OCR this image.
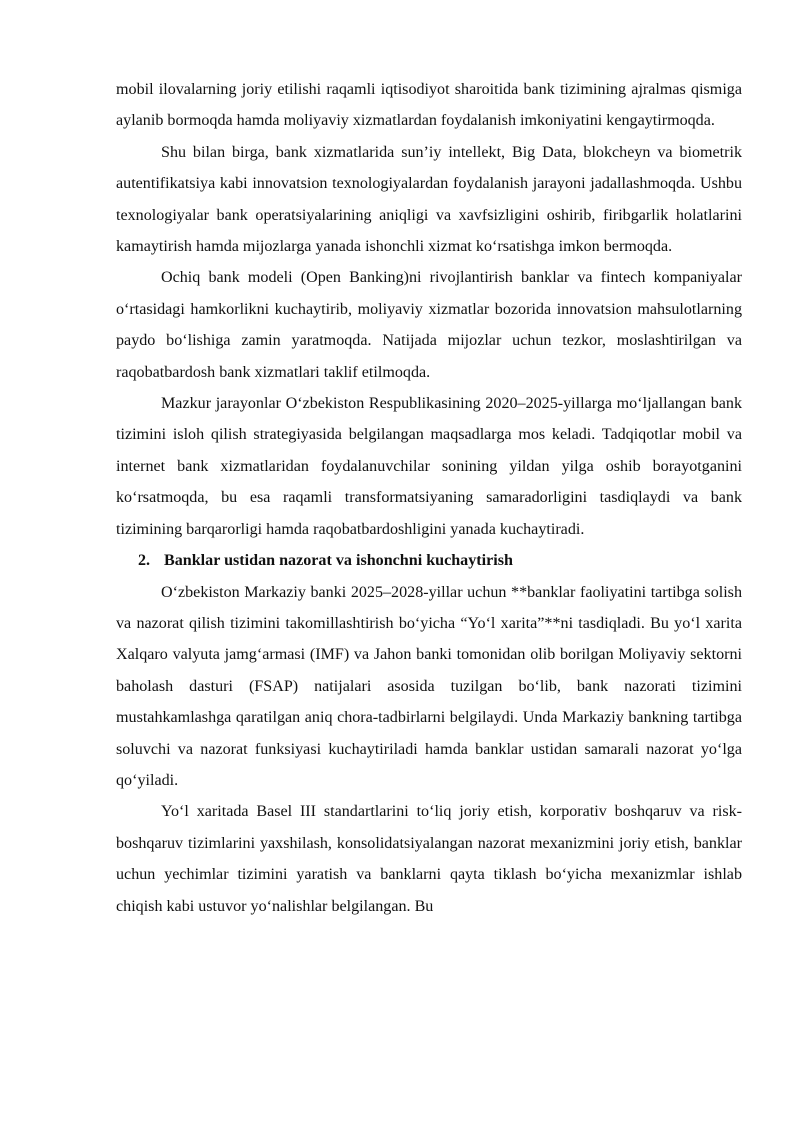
mobil ilovalarning joriy etilishi raqamli iqtisodiyot sharoitida bank tizimining ajralmas qismiga aylanib bormoqda hamda moliyaviy xizmatlardan foydalanish imkoniyatini kengaytirmoqda.

Shu bilan birga, bank xizmatlarida sun’iy intellekt, Big Data, blokcheyn va biometrik autentifikatsiya kabi innovatsion texnologiyalardan foydalanish jarayoni jadallashmoqda. Ushbu texnologiyalar bank operatsiyalarining aniqligi va xavfsizligini oshirib, firibgarlik holatlarini kamaytirish hamda mijozlarga yanada ishonchli xizmat ko‘rsatishga imkon bermoqda.

Ochiq bank modeli (Open Banking)ni rivojlantirish banklar va fintech kompaniyalar o‘rtasidagi hamkorlikni kuchaytirib, moliyaviy xizmatlar bozorida innovatsion mahsulotlarning paydo bo‘lishiga zamin yaratmoqda. Natijada mijozlar uchun tezkor, moslashtirilgan va raqobatbardosh bank xizmatlari taklif etilmoqda.

Mazkur jarayonlar O‘zbekiston Respublikasining 2020–2025-yillarga mo‘ljallangan bank tizimini isloh qilish strategiyasida belgilangan maqsadlarga mos keladi. Tadqiqotlar mobil va internet bank xizmatlaridan foydalanuvchilar sonining yildan yilga oshib borayotganini ko‘rsatmoqda, bu esa raqamli transformatsiyaning samaradorligini tasdiqlaydi va bank tizimining barqarorligi hamda raqobatbardoshligini yanada kuchaytiradi.

2. Banklar ustidan nazorat va ishonchni kuchaytirish

O‘zbekiston Markaziy banki 2025–2028-yillar uchun **banklar faoliyatini tartibga solish va nazorat qilish tizimini takomillashtirish bo‘yicha “Yo‘l xarita”**ni tasdiqladi. Bu yo‘l xarita Xalqaro valyuta jamg‘armasi (IMF) va Jahon banki tomonidan olib borilgan Moliyaviy sektorni baholash dasturi (FSAP) natijalari asosida tuzilgan bo‘lib, bank nazorati tizimini mustahkamlashga qaratilgan aniq chora-tadbirlarni belgilaydi. Unda Markaziy bankning tartibga soluvchi va nazorat funksiyasi kuchaytiriladi hamda banklar ustidan samarali nazorat yo‘lga qo‘yiladi.

Yo‘l xaritada Basel III standartlarini to‘liq joriy etish, korporativ boshqaruv va risk-boshqaruv tizimlarini yaxshilash, konsolidatsiyalangan nazorat mexanizmini joriy etish, banklar uchun yechimlar tizimini yaratish va banklarni qayta tiklash bo‘yicha mexanizmlar ishlab chiqish kabi ustuvor yo‘nalishlar belgilangan. Bu
